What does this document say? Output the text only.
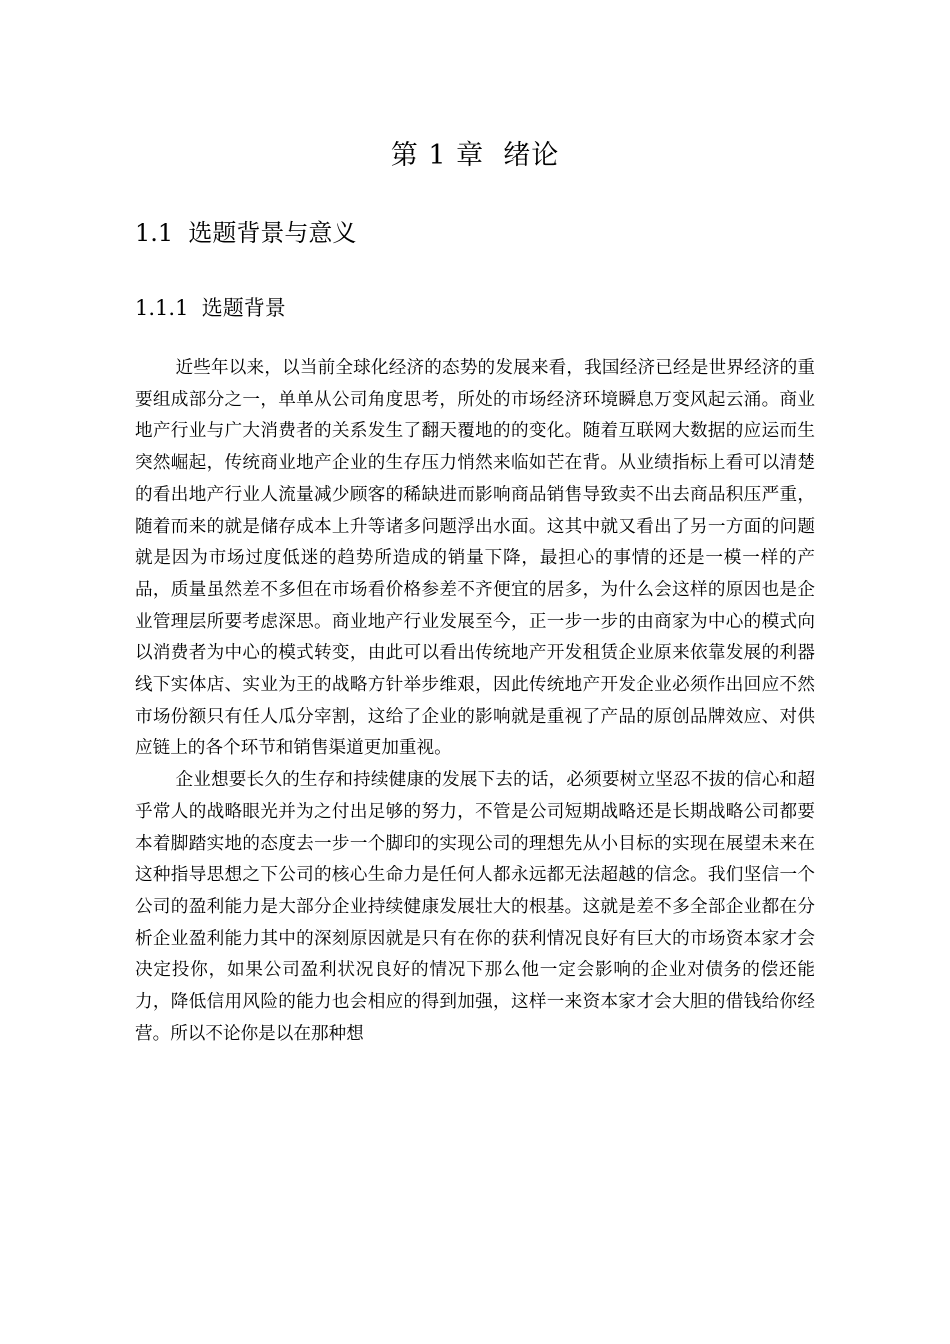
第 1 章  绪论
1.1  选题背景与意义
1.1.1  选题背景

近些年以来，以当前全球化经济的态势的发展来看，我国经济已经是世界经济的重要组成部分之一，单单从公司角度思考，所处的市场经济环境瞬息万变风起云涌。商业地产行业与广大消费者的关系发生了翻天覆地的的变化。随着互联网大数据的应运而生突然崛起，传统商业地产企业的生存压力悄然来临如芒在背。从业绩指标上看可以清楚的看出地产行业人流量减少顾客的稀缺进而影响商品销售导致卖不出去商品积压严重，随着而来的就是储存成本上升等诸多问题浮出水面。这其中就又看出了另一方面的问题就是因为市场过度低迷的趋势所造成的销量下降，最担心的事情的还是一模一样的产品，质量虽然差不多但在市场看价格参差不齐便宜的居多，为什么会这样的原因也是企业管理层所要考虑深思。商业地产行业发展至今，正一步一步的由商家为中心的模式向以消费者为中心的模式转变，由此可以看出传统地产开发租赁企业原来依靠发展的利器线下实体店、实业为王的战略方针举步维艰，因此传统地产开发企业必须作出回应不然市场份额只有任人瓜分宰割，这给了企业的影响就是重视了产品的原创品牌效应、对供应链上的各个环节和销售渠道更加重视。

企业想要长久的生存和持续健康的发展下去的话，必须要树立坚忍不拔的信心和超乎常人的战略眼光并为之付出足够的努力，不管是公司短期战略还是长期战略公司都要本着脚踏实地的态度去一步一个脚印的实现公司的理想先从小目标的实现在展望未来在这种指导思想之下公司的核心生命力是任何人都永远都无法超越的信念。我们坚信一个公司的盈利能力是大部分企业持续健康发展壮大的根基。这就是差不多全部企业都在分析企业盈利能力其中的深刻原因就是只有在你的获利情况良好有巨大的市场资本家才会决定投你，如果公司盈利状况良好的情况下那么他一定会影响的企业对债务的偿还能力，降低信用风险的能力也会相应的得到加强，这样一来资本家才会大胆的借钱给你经营。所以不论你是以在那种想
